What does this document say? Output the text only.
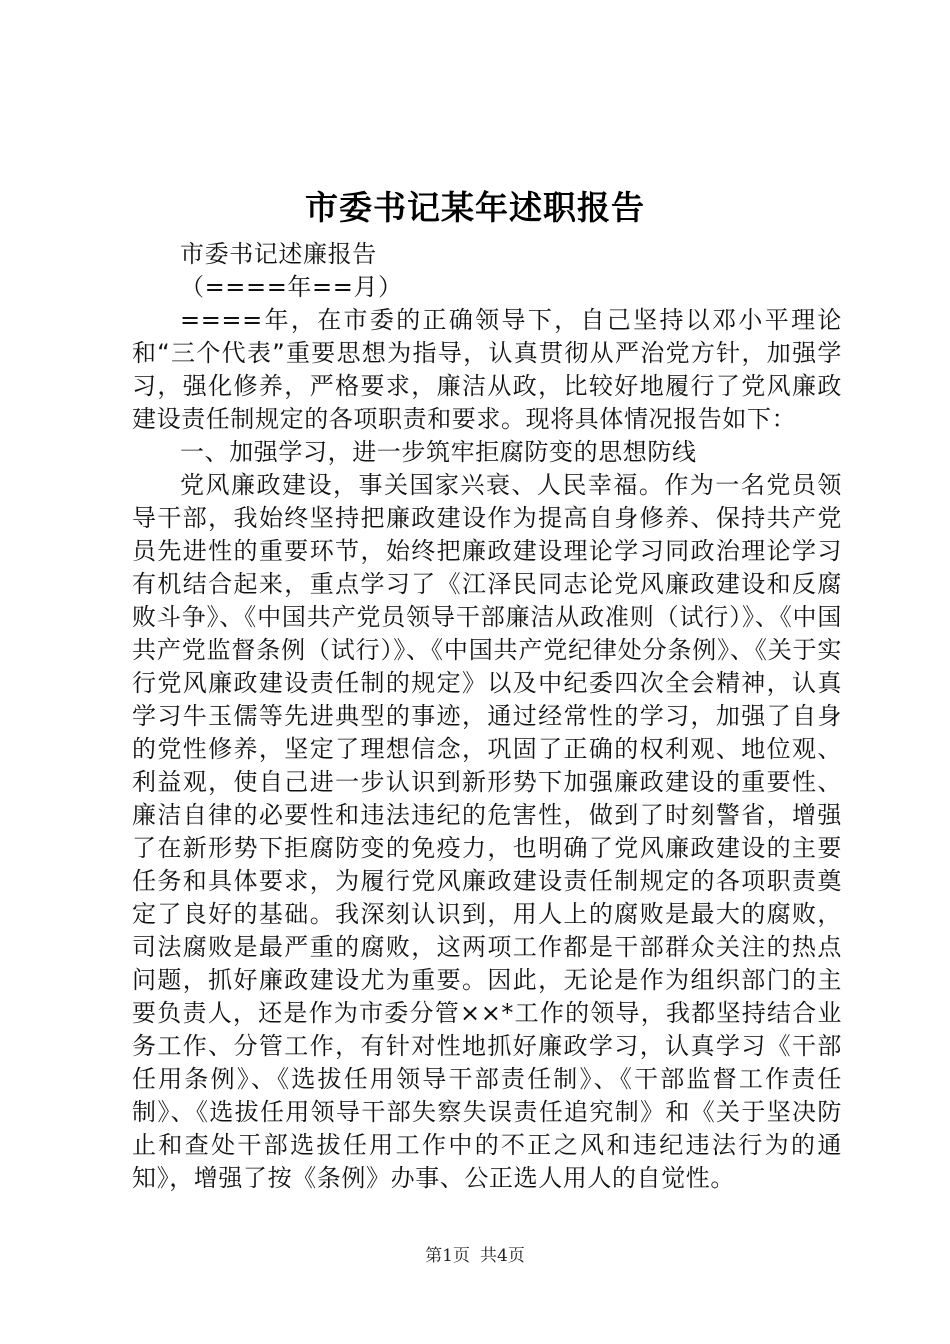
市委书记某年述职报告

市委书记述廉报告

（====年==月）

====年，在市委的正确领导下，自己坚持以邓小平理论和“三个代表”重要思想为指导，认真贯彻从严治党方针，加强学习，强化修养，严格要求，廉洁从政，比较好地履行了党风廉政建设责任制规定的各项职责和要求。现将具体情况报告如下：

一、加强学习，进一步筑牢拒腐防变的思想防线

党风廉政建设，事关国家兴衰、人民幸福。作为一名党员领导干部，我始终坚持把廉政建设作为提高自身修养、保持共产党员先进性的重要环节，始终把廉政建设理论学习同政治理论学习有机结合起来，重点学习了《江泽民同志论党风廉政建设和反腐败斗争》、《中国共产党员领导干部廉洁从政准则（试行）》、《中国共产党监督条例（试行）》、《中国共产党纪律处分条例》、《关于实行党风廉政建设责任制的规定》以及中纪委四次全会精神，认真学习牛玉儒等先进典型的事迹，通过经常性的学习，加强了自身的党性修养，坚定了理想信念，巩固了正确的权利观、地位观、利益观，使自己进一步认识到新形势下加强廉政建设的重要性、廉洁自律的必要性和违法违纪的危害性，做到了时刻警省，增强了在新形势下拒腐防变的免疫力，也明确了党风廉政建设的主要任务和具体要求，为履行党风廉政建设责任制规定的各项职责奠定了良好的基础。我深刻认识到，用人上的腐败是最大的腐败，司法腐败是最严重的腐败，这两项工作都是干部群众关注的热点问题，抓好廉政建设尤为重要。因此，无论是作为组织部门的主要负责人，还是作为市委分管××*工作的领导，我都坚持结合业务工作、分管工作，有针对性地抓好廉政学习，认真学习《干部任用条例》、《选拔任用领导干部责任制》、《干部监督工作责任制》、《选拔任用领导干部失察失误责任追究制》和《关于坚决防止和查处干部选拔任用工作中的不正之风和违纪违法行为的通知》，增强了按《条例》办事、公正选人用人的自觉性。

第1页 共4页
